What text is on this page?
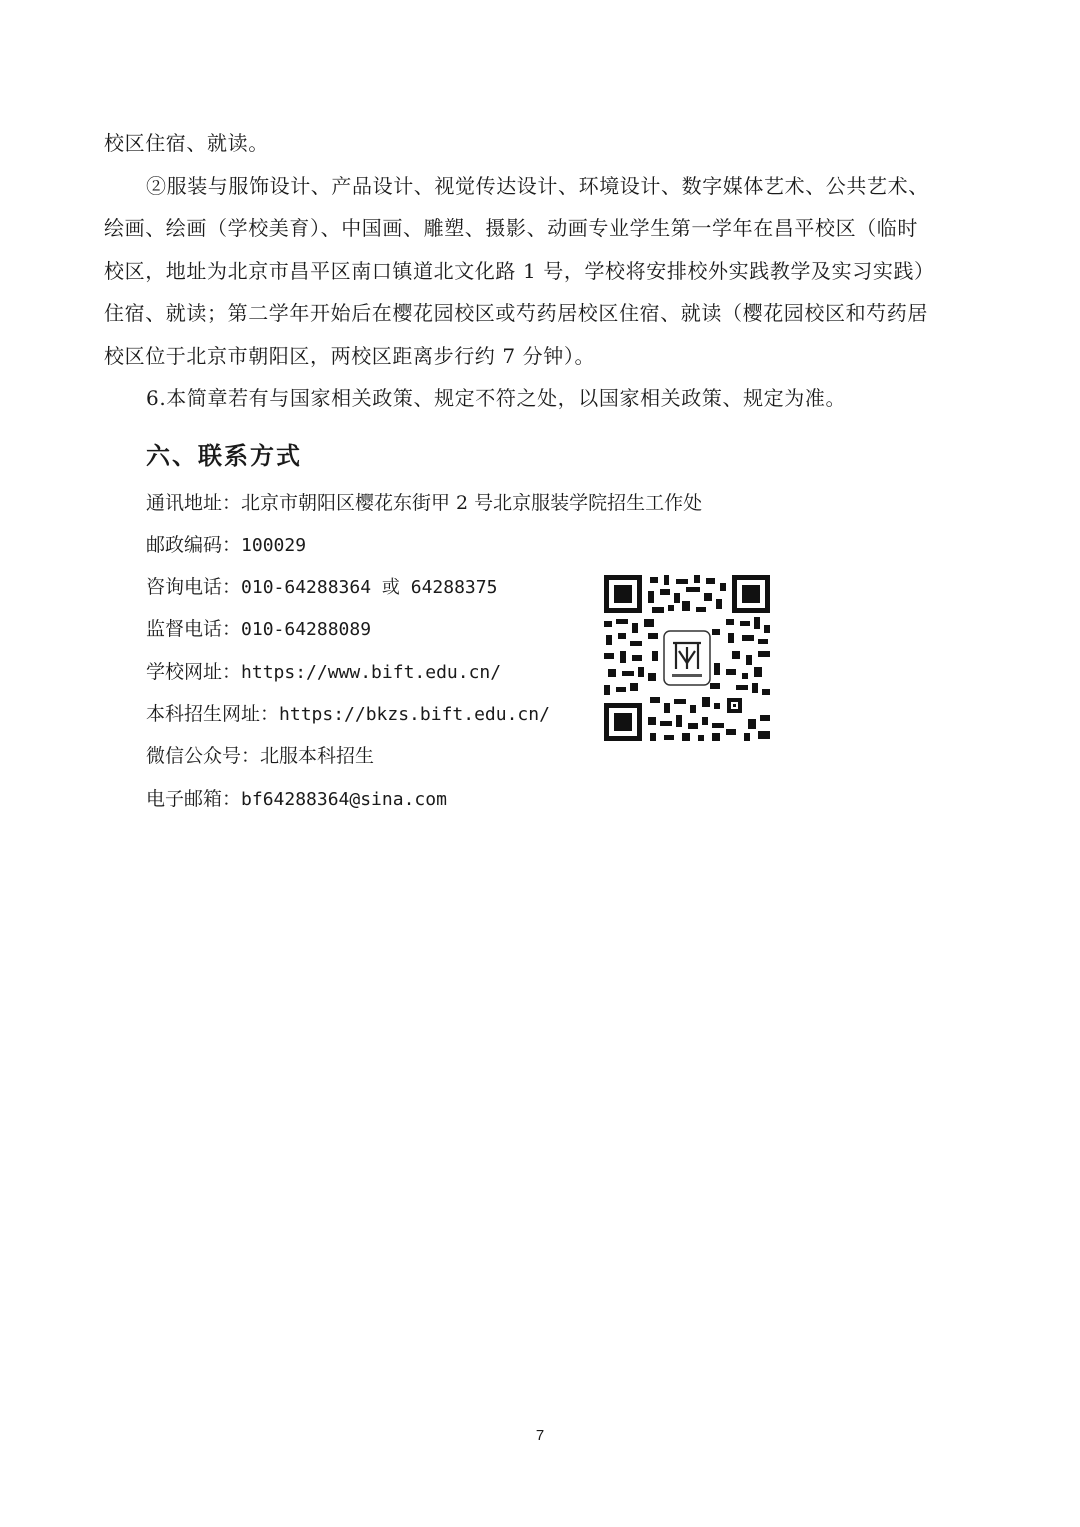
校区住宿、就读。
②服装与服饰设计、产品设计、视觉传达设计、环境设计、数字媒体艺术、公共艺术、
绘画、绘画（学校美育）、中国画、雕塑、摄影、动画专业学生第一学年在昌平校区（临时
校区，地址为北京市昌平区南口镇道北文化路 1 号，学校将安排校外实践教学及实习实践）
住宿、就读；第二学年开始后在樱花园校区或芍药居校区住宿、就读（樱花园校区和芍药居
校区位于北京市朝阳区，两校区距离步行约 7 分钟）。
6.本简章若有与国家相关政策、规定不符之处，以国家相关政策、规定为准。
六、联系方式
通讯地址：北京市朝阳区樱花东街甲 2 号北京服装学院招生工作处
邮政编码：100029
咨询电话：010-64288364 或 64288375
监督电话：010-64288089
学校网址：https://www.bift.edu.cn/
本科招生网址：https://bkzs.bift.edu.cn/
微信公众号：北服本科招生
电子邮箱：bf64288364@sina.com
7
